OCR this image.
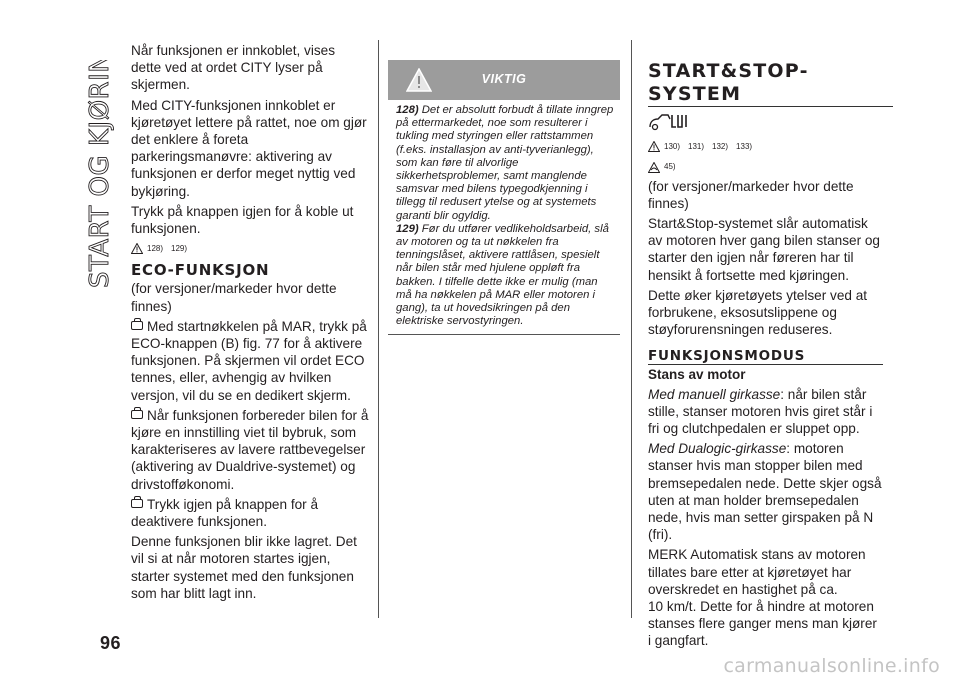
START OG KJØRING
96

Når funksjonen er innkoblet, vises dette ved at ordet CITY lyser på skjermen.

Med CITY-funksjonen innkoblet er kjøretøyet lettere på rattet, noe om gjør det enklere å foreta parkeringsmanøvre: aktivering av funksjonen er derfor meget nyttig ved bykjøring.

Trykk på knappen igjen for å koble ut funksjonen.

128) 129)
ECO-FUNKSJON

(for versjoner/markeder hvor dette finnes)

Med startnøkkelen på MAR, trykk på ECO-knappen (B) fig. 77 for å aktivere funksjonen. På skjermen vil ordet ECO tennes, eller, avhengig av hvilken versjon, vil du se en dedikert skjerm.

Når funksjonen forbereder bilen for å kjøre en innstilling viet til bybruk, som karakteriseres av lavere rattbevegelser (aktivering av Dualdrive-systemet) og drivstofføkonomi.

Trykk igjen på knappen for å deaktivere funksjonen.

Denne funksjonen blir ikke lagret. Det vil si at når motoren startes igjen, starter systemet med den funksjonen som har blitt lagt inn.

VIKTIG
128) Det er absolutt forbudt å tillate inngrep på ettermarkedet, noe som resulterer i tukling med styringen eller rattstammen (f.eks. installasjon av anti-tyverianlegg), som kan føre til alvorlige sikkerhetsproblemer, samt manglende samsvar med bilens typegodkjenning i tillegg til redusert ytelse og at systemets garanti blir ogyldig.
129) Før du utfører vedlikeholdsarbeid, slå av motoren og ta ut nøkkelen fra tenningslåset, aktivere rattlåsen, spesielt når bilen står med hjulene oppløft fra bakken. I tilfelle dette ikke er mulig (man må ha nøkkelen på MAR eller motoren i gang), ta ut hovedsikringen på den elektriske servostyringen.
START&STOP-SYSTEM
130) 131) 132) 133)
45)

(for versjoner/markeder hvor dette finnes)

Start&Stop-systemet slår automatisk av motoren hver gang bilen stanser og starter den igjen når føreren har til hensikt å fortsette med kjøringen.

Dette øker kjøretøyets ytelser ved at forbrukene, eksosutslippene og støyforurensningen reduseres.

FUNKSJONSMODUS
Stans av motor

Med manuell girkasse: når bilen står stille, stanser motoren hvis giret står i fri og clutchpedalen er sluppet opp.

Med Dualogic-girkasse: motoren stanser hvis man stopper bilen med bremsepedalen nede. Dette skjer også uten at man holder bremsepedalen nede, hvis man setter girspaken på N (fri).

MERK Automatisk stans av motoren tillates bare etter at kjøretøyet har overskredet en hastighet på ca.

10 km/t. Dette for å hindre at motoren stanses flere ganger mens man kjører i gangfart.

carmanualsonline.info
